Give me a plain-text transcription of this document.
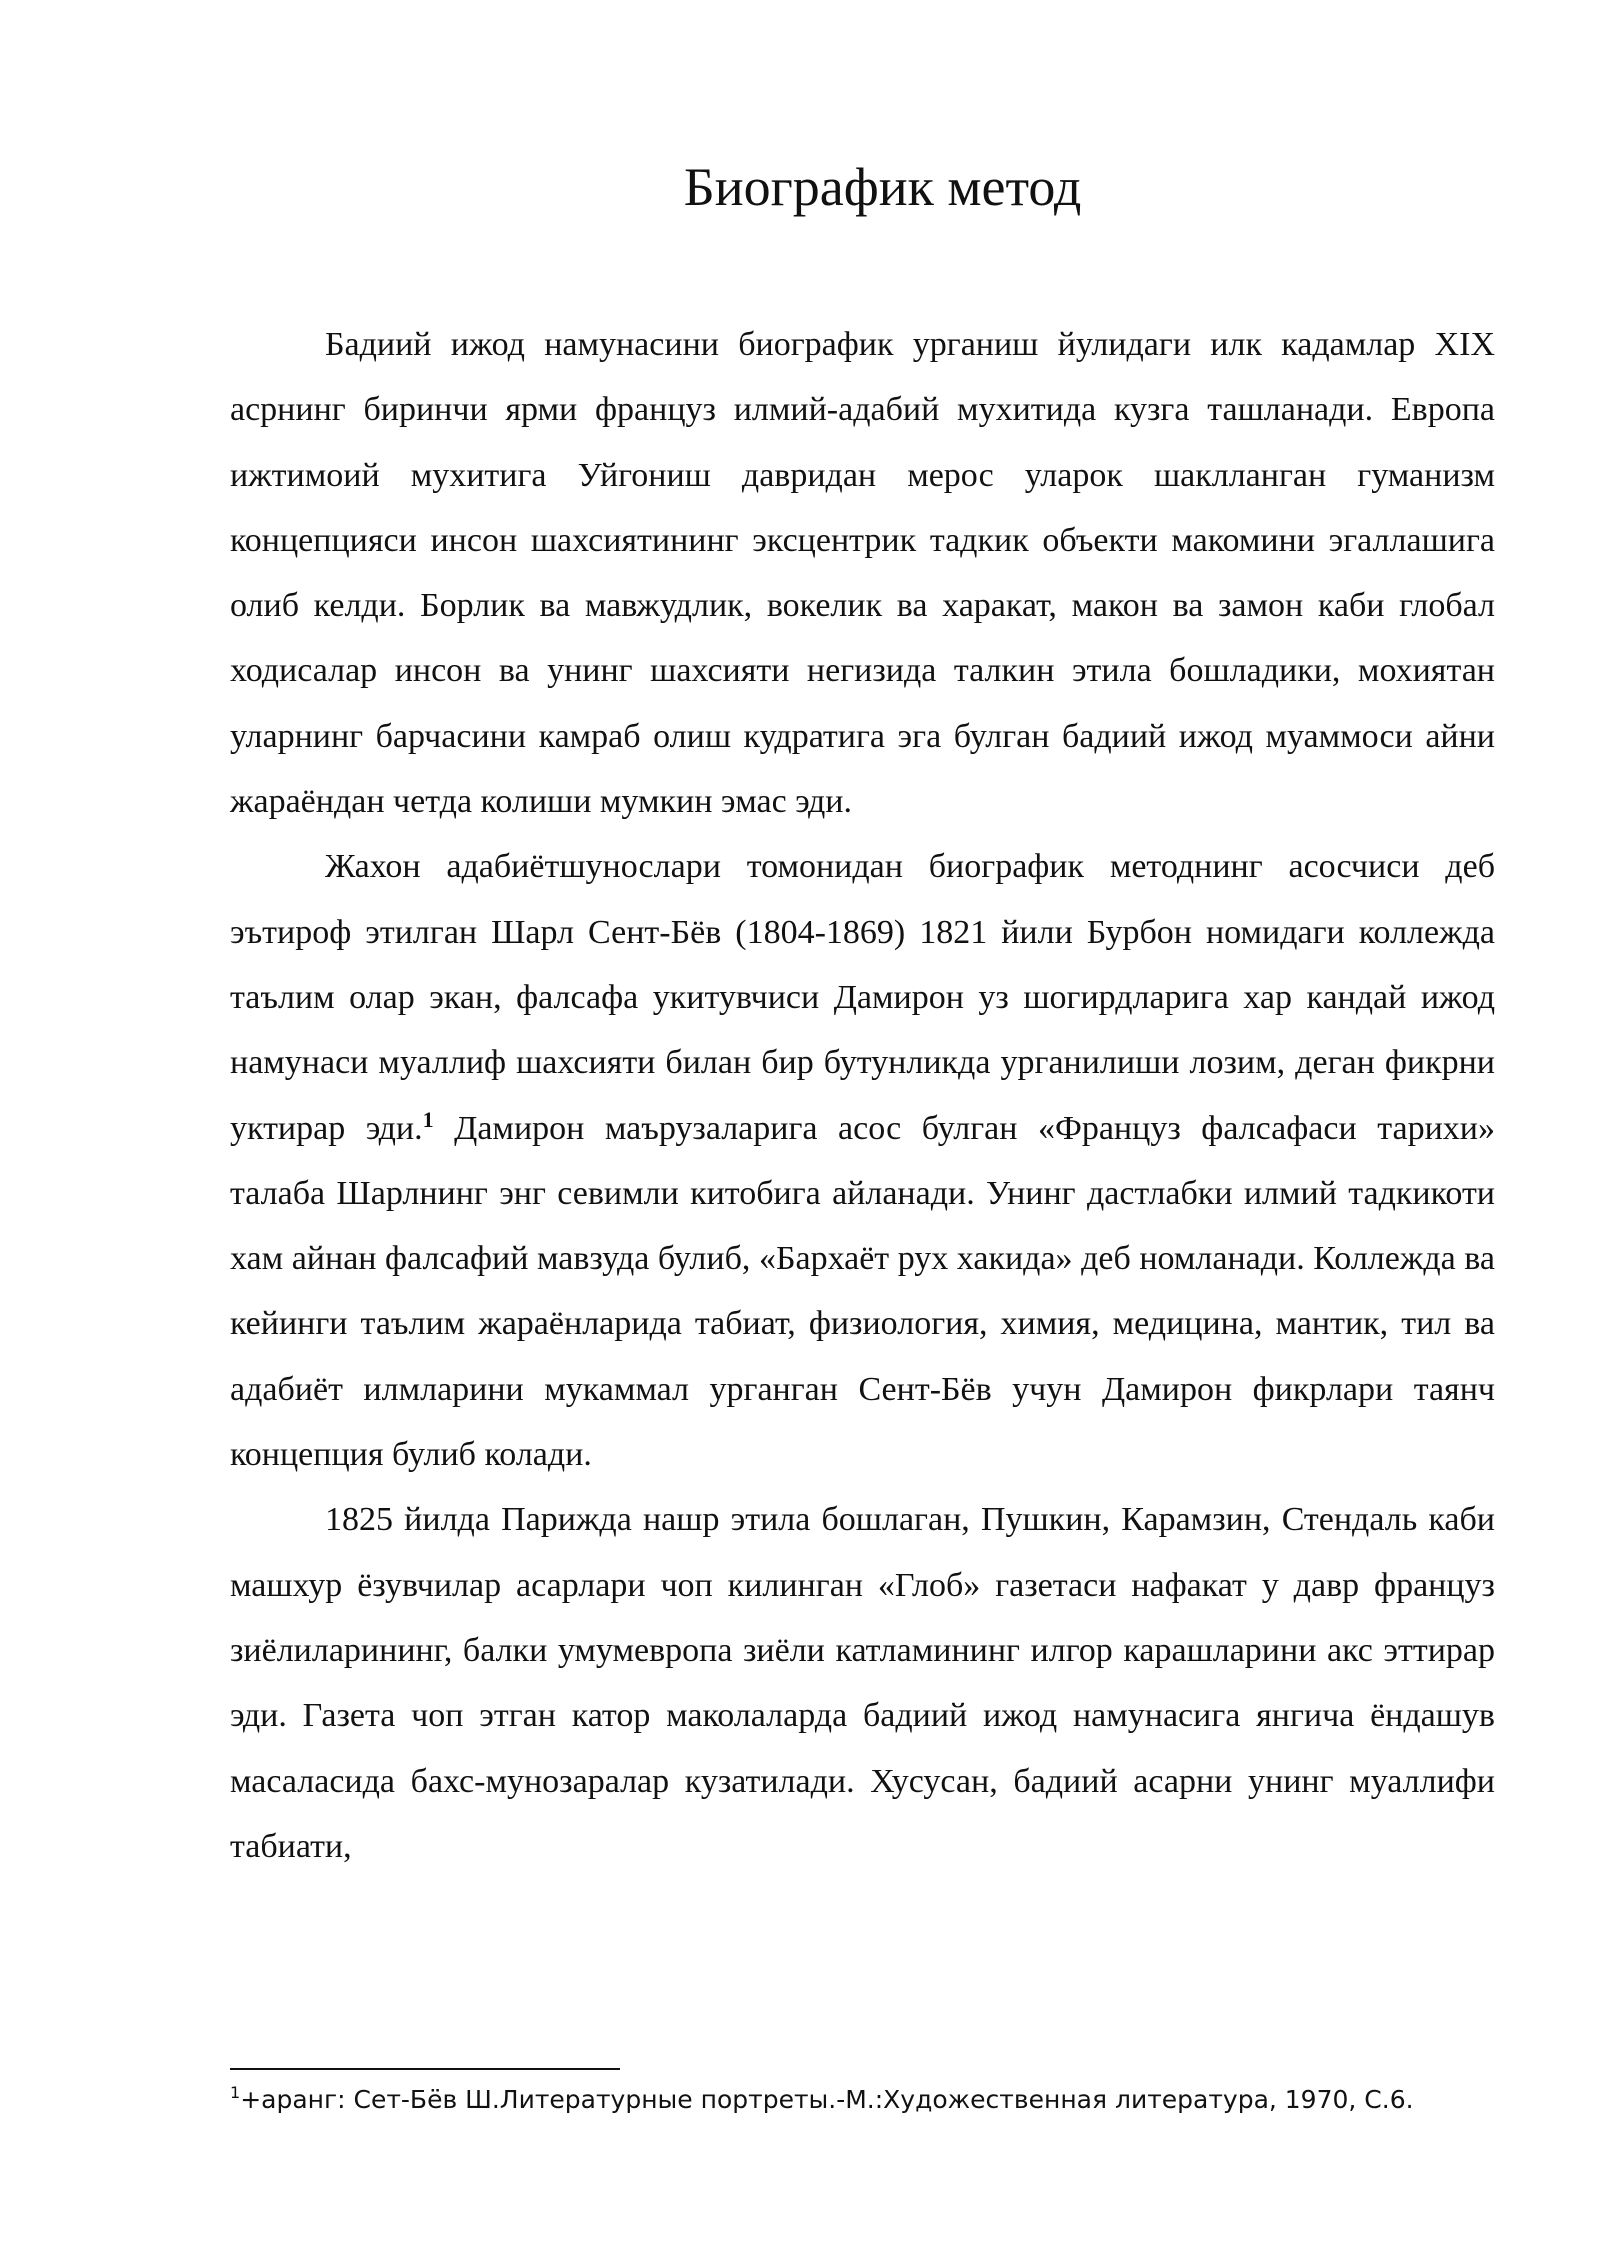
Биографик метод

Бадиий ижод намунасини биографик урганиш йулидаги илк кадамлар XIX асрнинг биринчи ярми француз илмий-адабий мухитида кузга ташланади. Европа ижтимоий мухитига Уйгониш давридан мерос уларок шаклланган гуманизм концепцияси инсон шахсиятининг эксцентрик тадкик объекти макомини эгаллашига олиб келди. Борлик ва мавжудлик, вокелик ва харакат, макон ва замон каби глобал ходисалар инсон ва унинг шахсияти негизида талкин этила бошладики, мохиятан уларнинг барчасини камраб олиш кудратига эга булган бадиий ижод муаммоси айни жараёндан четда колиши мумкин эмас эди.

Жахон адабиётшунослари томонидан биографик методнинг асосчиси деб эътироф этилган Шарл Сент-Бёв (1804-1869) 1821 йили Бурбон номидаги коллежда таълим олар экан, фалсафа укитувчиси Дамирон уз шогирдларига хар кандай ижод намунаси муаллиф шахсияти билан бир бутунликда урганилиши лозим, деган фикрни уктирар эди.$^1$ Дамирон маърузаларига асос булган «Француз фалсафаси тарихи» талаба Шарлнинг энг севимли китобига айланади. Унинг дастлабки илмий тадкикоти хам айнан фалсафий мавзуда булиб, «Бархаёт рух хакида» деб номланади. Коллежда ва кейинги таълим жараёнларида табиат, физиология, химия, медицина, мантик, тил ва адабиёт илмларини мукаммал урганган Сент-Бёв учун Дамирон фикрлари таянч концепция булиб колади.

1825 йилда Парижда нашр этила бошлаган, Пушкин, Карамзин, Стендаль каби машхур ёзувчилар асарлари чоп килинган «Глоб» газетаси нафакат у давр француз зиёлиларининг, балки умумевропа зиёли катламининг илгор карашларини акс эттирар эди. Газета чоп этган катор маколаларда бадиий ижод намунасига янгича ёндашув масаласида бахс-мунозаралар кузатилади. Хусусан, бадиий асарни унинг муаллифи табиати,

$^1$+аранг: Сет-Бёв Ш.Литературные портреты.-М.:Художественная литература, 1970, С.6.
